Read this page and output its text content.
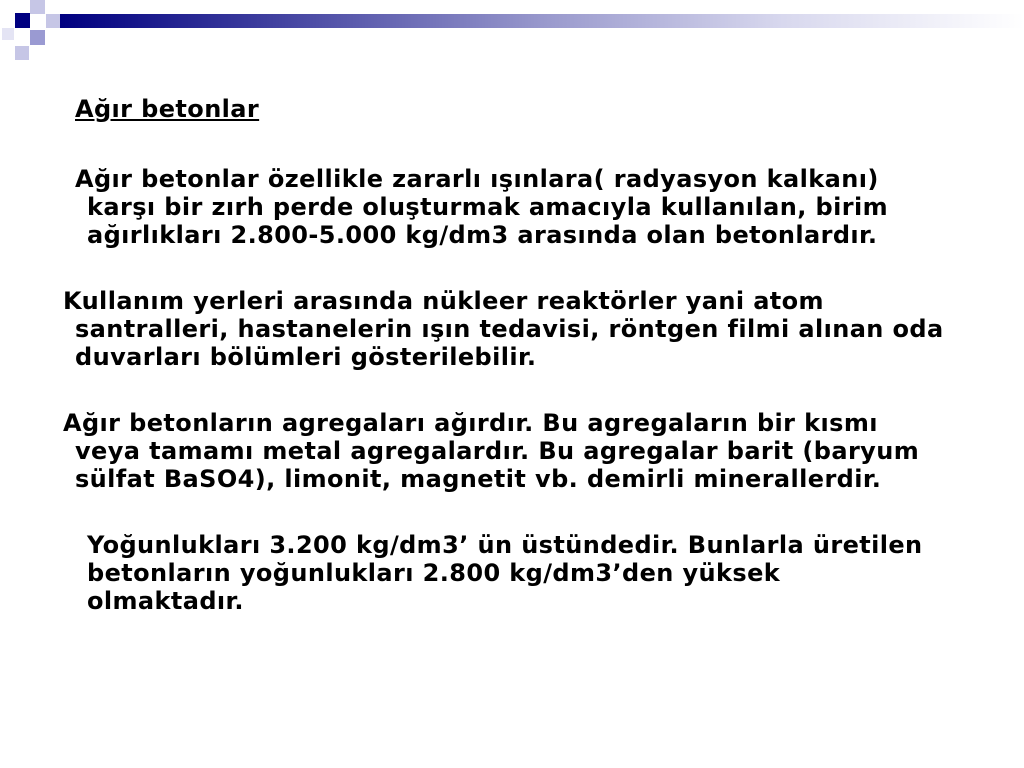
Ağır betonlar
Ağır betonlar özellikle zararlı ışınlara( radyasyon kalkanı) karşı bir zırh perde oluşturmak amacıyla kullanılan, birim ağırlıkları 2.800-5.000 kg/dm3 arasında olan betonlardır.
Kullanım yerleri arasında nükleer reaktörler yani atom santralleri, hastanelerin ışın tedavisi, röntgen filmi alınan oda duvarları bölümleri gösterilebilir.
Ağır betonların agregaları ağırdır. Bu agregaların bir kısmı veya tamamı metal agregalardır. Bu agregalar barit (baryum sülfat BaSO4), limonit, magnetit vb. demirli minerallerdir.
Yoğunlukları 3.200 kg/dm3’ ün üstündedir. Bunlarla üretilen betonların yoğunlukları 2.800 kg/dm3’den yüksek olmaktadır.
